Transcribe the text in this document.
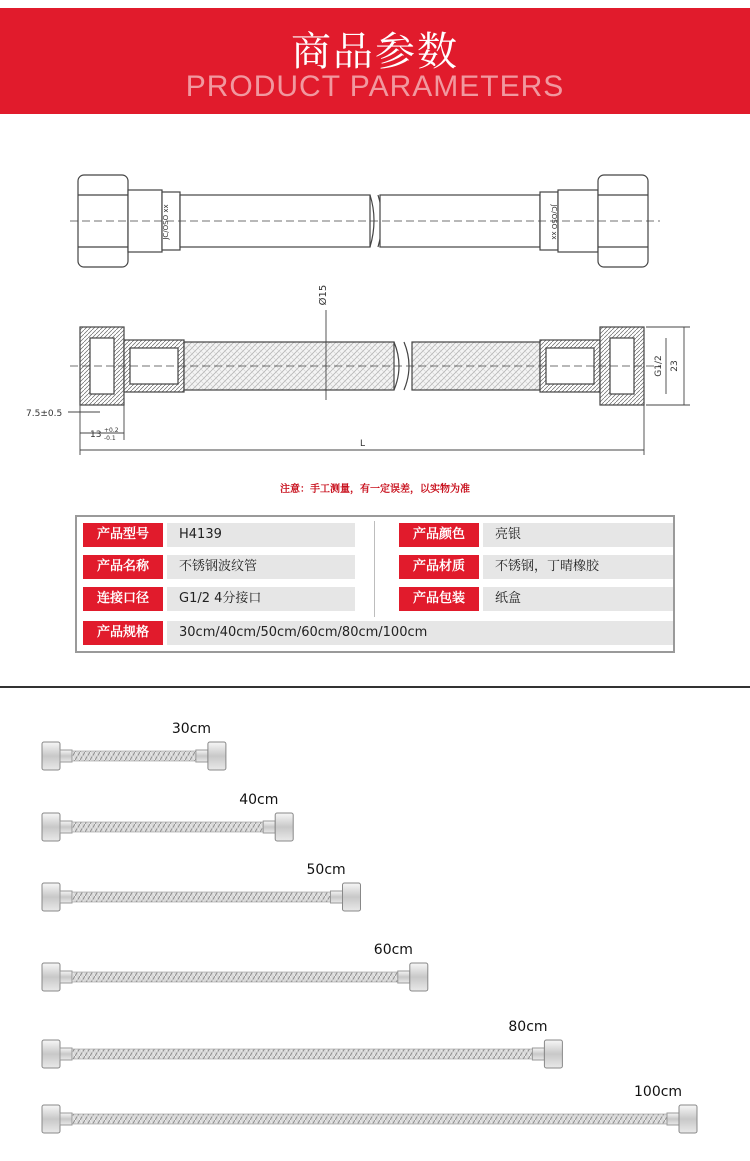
商品参数
PRODUCT PARAMETERS
JC/OSO xx	JC/OSO xx
Ø15
23
G1/2
7.5±0.5
13 +0.2
-0.1
L
注意：手工测量，有一定误差，以实物为准
产品型号	H4139	产品颜色	亮银
产品名称	不锈钢波纹管	产品材质	不锈钢，丁晴橡胶
连接口径	G1/2 4分接口	产品包装	纸盒
产品规格	30cm/40cm/50cm/60cm/80cm/100cm
30cm
40cm
50cm
60cm
80cm
100cm
